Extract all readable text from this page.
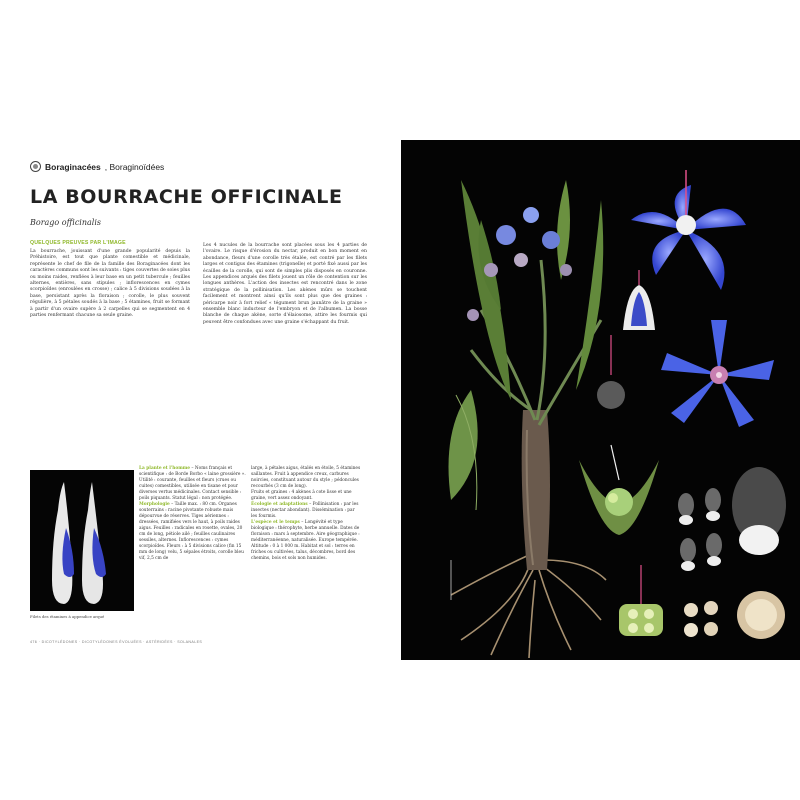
Boraginacées , Boraginoïdées
LA BOURRACHE OFFICINALE
Borago officinalis
QUELQUES PREUVES PAR L'IMAGE
La bourrache, jouissant d'une grande popularité depuis la Préhistoire, est tout que plante comestible et médicinale, représente le chef de file de la famille des Boraginacées dont les caractères communs sont les suivants : tiges couvertes de soies plus ou moins raides, renflées à leur base en un petit tubercule ; feuilles alternes, entières, sans stipules ; inflorescences en cymes scorpioïdes (enroulées en crosse) ; calice à 5 divisions soudées à la base, persistant après la floraison ; corolle, le plus souvent régulière, à 5 pétales soudés à la base ; 5 étamines, fruit se formant à partir d'un ovaire supère à 2 carpelles qui se segmentent en 4 parties renfermant chacune sa seule graine.
Les 4 nucules de la bourrache sont placées sous les 4 parties de l'ovaire. Le risque d'érosion du nectar, produit en bon moment en abondance, fleurs d'une corolle très étalée, est contré par les filets larges et contigus des étamines (trigonelle) et porté fixé aussi par les écailles de la corolle, qui sont de simples plis disposés en couronne. Les appendices arqués des filets jouent un rôle de contention sur les longues anthères. L'action des insectes est rencontré dans le zone stratégique de la pollinisation. Les akènes mûrs se touchent facilement et montrent ainsi qu'ils sont plus que des graines : péricarpe noir à fort relief « tégument brun jaunâtre de la graine » ensemble blanc inducteur de l'embryon et de l'albumen. La bosse blanche de chaque akène, sorte d'élaiosome, attire les fourmis qui peuvent être confondues avec une graine s'échappant du fruit.
Filets des étamines à appendice arqué
La plante et l'homme – Noms français et scientifique : de Borde Borbo « laine grossière ». Utilité : courante, feuilles et fleurs (crues ou cuites) comestibles, utilisée en tisane et pour diverses vertus médicinales. Contact sensible : poils piquants. Statut légal : non protégée.
Morphologie – Taille max. : 80 cm. Organes souterrains : racine pivotante robuste mais dépourvue de réserves. Tiges aériennes : dressées, ramifiées vers le haut, à poils raides aigus. Feuilles : radicales en rosette, ovales, 20 cm de long, pétiole ailé ; feuilles caulinaires sessiles, alternes. Inflorescences : cymes scorpioïdes. Fleurs : à 5 divisions calice (fin 15 mm de long) velu, 5 sépales étroits, corolle bleu vif, 2,5 cm de
large, à pétales aigus, étalés en étoile, 5 étamines saillantes. Fruit à appendice creux, carbures noircies, constituant autour du style ; pédoncules recourbés (3 cm de long).
Fruits et graines : 4 akènes à cote lisse et une graine, vert assez ondoyant.
Écologie et adaptations – Pollinisation : par les insectes (nectar abondant). Dissémination : par les fourmis.
L'espèce et le temps – Longévité et type biologique : thérophyte, herbe annuelle. Dates de floraison : mars à septembre. Aire géographique : méditerranéenne, naturalisée. Europe tempérée. Altitude : 0 à 1 000 m. Habitat et sol : terres en friches ou cultivées, talus, décombres, bord des chemins, bois et sols non humides.
476 · DICOTYLÉDONES · DICOTYLÉDONES ÉVOLUÉES · ASTÉRIDÉES · SOLANALES
